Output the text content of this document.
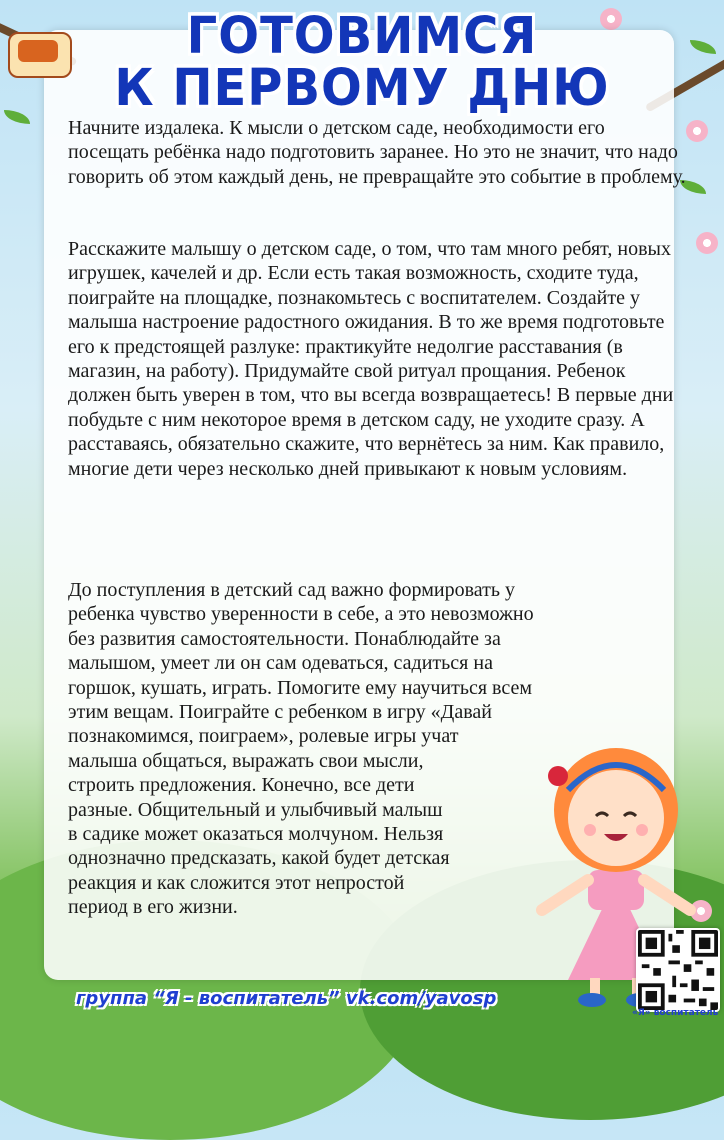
ГОТОВИМСЯ
К ПЕРВОМУ ДНЮ

Начните издалека. К мысли о детском саде, необходимости его посещать ребёнка надо подготовить заранее. Но это не значит, что надо говорить об этом каждый день, не превращайте это событие в проблему.

Расскажите малышу о детском саде, о том, что там много ребят, новых игрушек, качелей и др. Если есть такая возможность, сходите туда, поиграйте на площадке, познакомьтесь с воспитателем. Создайте у малыша настроение радостного ожидания. В то же время подготовьте его к предстоящей разлуке: практикуйте недолгие расставания (в магазин, на работу). Придумайте свой ритуал прощания. Ребенок должен быть уверен в том, что вы всегда возвращаетесь! В первые дни побудьте с ним некоторое время в детском саду, не уходите сразу. А расставаясь, обязательно скажите, что вернётесь за ним. Как правило, многие дети через несколько дней привыкают к новым условиям.

До поступления в детский сад важно формировать у
ребенка чувство уверенности в себе, а это невозможно
без развития самостоятельности. Понаблюдайте за
малышом, умеет ли он сам одеваться, садиться на
горшок, кушать, играть. Помогите ему научиться всем
этим вещам. Поиграйте с ребенком в игру «Давай
познакомимся, поиграем», ролевые игры учат
малыша общаться, выражать свои мысли,
строить предложения. Конечно, все дети
разные. Общительный и улыбчивый малыш
в садике может оказаться молчуном. Нельзя
однозначно предсказать, какой будет детская
реакция и как сложится этот непростой
период в его жизни.

«Я» воспитатель
группа “Я - воспитатель” vk.com/yavosp
